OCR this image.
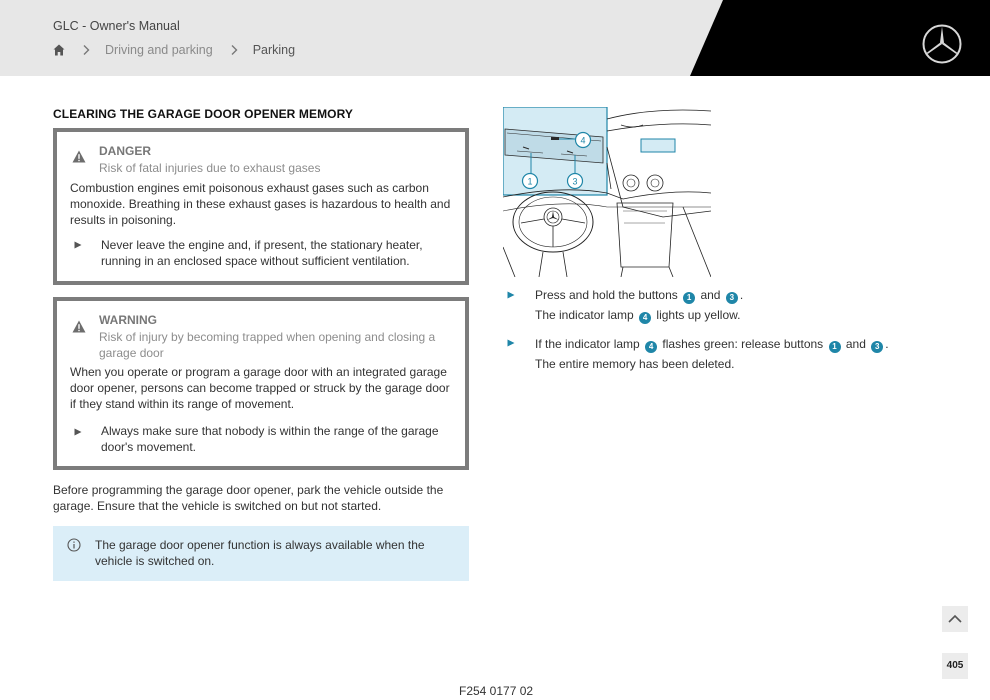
GLC - Owner's Manual
Driving and parking	Parking
CLEARING THE GARAGE DOOR OPENER MEMORY
DANGER
Risk of fatal injuries due to exhaust gases
Combustion engines emit poisonous exhaust gases such as carbon monoxide. Breathing in these exhaust gases is hazardous to health and results in poisoning.
Never leave the engine and, if present, the stationary heater, running in an enclosed space without sufficient ventilation.
WARNING
Risk of injury by becoming trapped when opening and closing a garage door
When you operate or program a garage door with an integrated garage door opener, persons can become trapped or struck by the garage door if they stand within its range of movement.
Always make sure that nobody is within the range of the garage door's movement.
Before programming the garage door opener, park the vehicle outside the garage. Ensure that the vehicle is switched on but not started.
The garage door opener function is always available when the vehicle is switched on.
4
1	3
Press and hold the buttons 1 and 3 .
The indicator lamp 4 lights up yellow.
If the indicator lamp 4 flashes green: release buttons 1 and 3 .
The entire memory has been deleted.
405
F254 0177 02
